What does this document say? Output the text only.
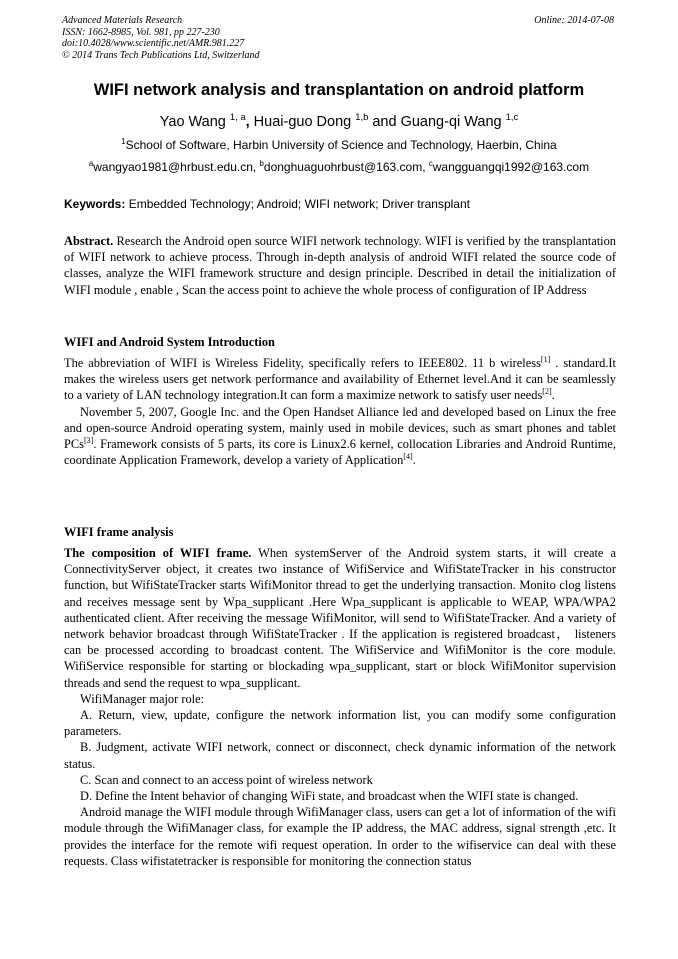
Advanced Materials Research
ISSN: 1662-8985, Vol. 981, pp 227-230
doi:10.4028/www.scientific.net/AMR.981.227
© 2014 Trans Tech Publications Ltd, Switzerland
Online: 2014-07-08
WIFI network analysis and transplantation on android platform
Yao Wang $^{1, a}$, Huai-guo Dong $^{1,b}$ and Guang-qi Wang $^{1,c}$
$^1$School of Software, Harbin University of Science and Technology, Haerbin, China
$^a$wangyao1981@hrbust.edu.cn, $^b$donghuaguohrbust@163.com, $^c$wangguangqi1992@163.com
Keywords: Embedded Technology; Android; WIFI network; Driver transplant

Abstract. Research the Android open source WIFI network technology. WIFI is verified by the transplantation of WIFI network to achieve process. Through in-depth analysis of android WIFI related the source code of classes, analyze the WIFI framework structure and design principle. Described in detail the initialization of WIFI module , enable , Scan the access point to achieve the whole process of configuration of IP Address

WIFI and Android System Introduction

The abbreviation of WIFI is Wireless Fidelity, specifically refers to IEEE802. 11 b wireless[1] . standard.It makes the wireless users get network performance and availability of Ethernet level.And it can be seamlessly to a variety of LAN technology integration.It can form a maximize network to satisfy user needs[2].

November 5, 2007, Google Inc. and the Open Handset Alliance led and developed based on Linux the free and open-source Android operating system, mainly used in mobile devices, such as smart phones and tablet PCs[3]. Framework consists of 5 parts, its core is Linux2.6 kernel, collocation Libraries and Android Runtime, coordinate Application Framework, develop a variety of Application[4].

WIFI frame analysis

The composition of WIFI frame. When systemServer of the Android system starts, it will create a ConnectivityServer object, it creates two instance of WifiService and WifiStateTracker in his constructor function, but WifiStateTracker starts WifiMonitor thread to get the underlying transaction. Monito clog listens and receives message sent by Wpa_supplicant .Here Wpa_supplicant is applicable to WEAP, WPA/WPA2 authenticated client. After receiving the message WifiMonitor, will send to WifiStateTracker. And a variety of network behavior broadcast through WifiStateTracker . If the application is registered broadcast， listeners can be processed according to broadcast content. The WifiService and WifiMonitor is the core module. WifiService responsible for starting or blockading wpa_supplicant, start or block WifiMonitor supervision threads and send the request to wpa_supplicant.

WifiManager major role:

A. Return, view, update, configure the network information list, you can modify some configuration parameters.

B. Judgment, activate WIFI network, connect or disconnect, check dynamic information of the network status.

C. Scan and connect to an access point of wireless network

D. Define the Intent behavior of changing WiFi state, and broadcast when the WIFI state is changed.

Android manage the WIFI module through WifiManager class, users can get a lot of information of the wifi module through the WifiManager class, for example the IP address, the MAC address, signal strength ,etc. It provides the interface for the remote wifi request operation. In order to the wifiservice can deal with these requests. Class wifistatetracker is responsible for monitoring the connection status
